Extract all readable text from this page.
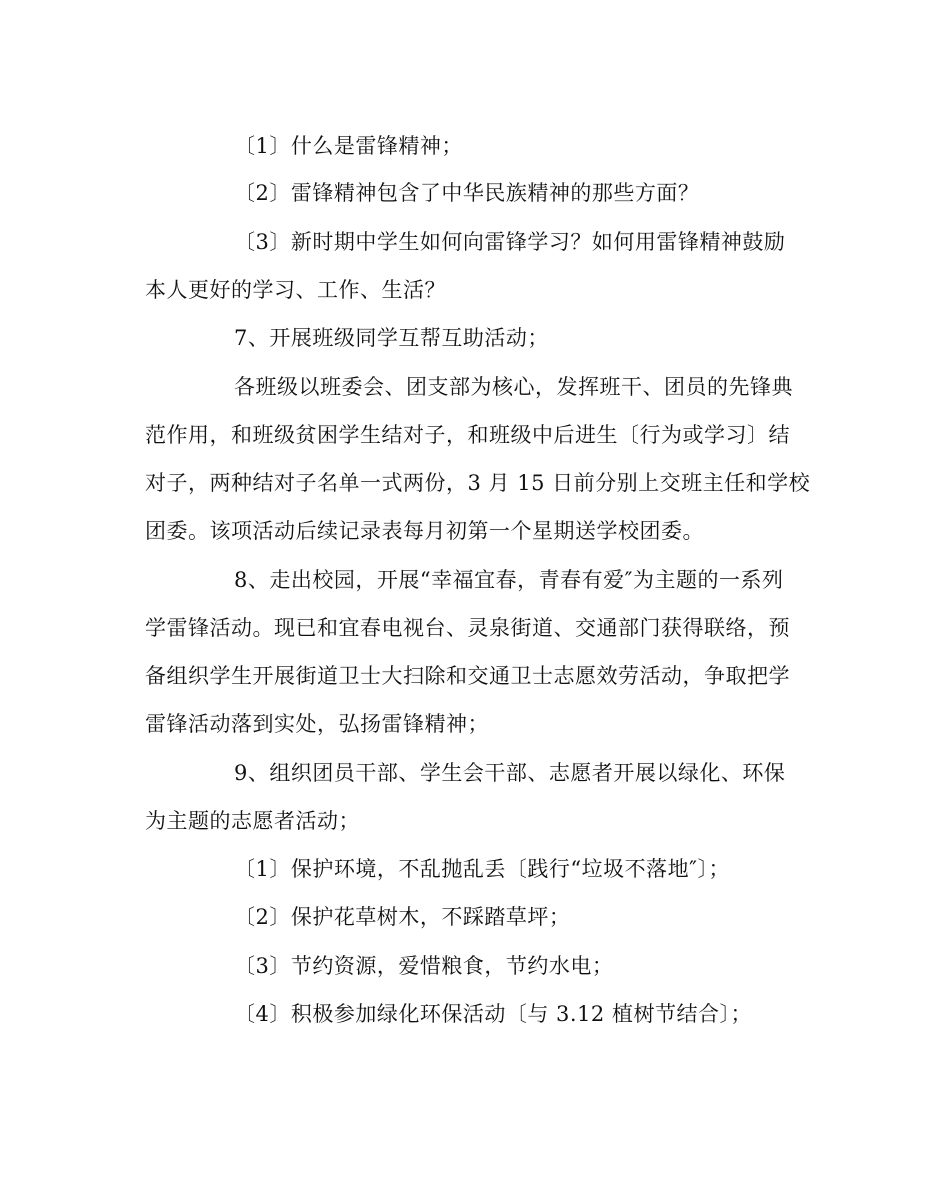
〔1〕什么是雷锋精神；
〔2〕雷锋精神包含了中华民族精神的那些方面？
〔3〕新时期中学生如何向雷锋学习？如何用雷锋精神鼓励
本人更好的学习、工作、生活？
7、开展班级同学互帮互助活动；
各班级以班委会、团支部为核心，发挥班干、团员的先锋典
范作用，和班级贫困学生结对子，和班级中后进生〔行为或学习〕结
对子，两种结对子名单一式两份，3 月 15 日前分别上交班主任和学校
团委。该项活动后续记录表每月初第一个星期送学校团委。
8、走出校园，开展“幸福宜春，青春有爱″为主题的一系列
学雷锋活动。现已和宜春电视台、灵泉街道、交通部门获得联络，预
备组织学生开展街道卫士大扫除和交通卫士志愿效劳活动，争取把学
雷锋活动落到实处，弘扬雷锋精神；
9、组织团员干部、学生会干部、志愿者开展以绿化、环保
为主题的志愿者活动；
〔1〕保护环境，不乱抛乱丢〔践行“垃圾不落地″〕；
〔2〕保护花草树木，不踩踏草坪；
〔3〕节约资源，爱惜粮食，节约水电；
〔4〕积极参加绿化环保活动〔与 3.12 植树节结合〕；
